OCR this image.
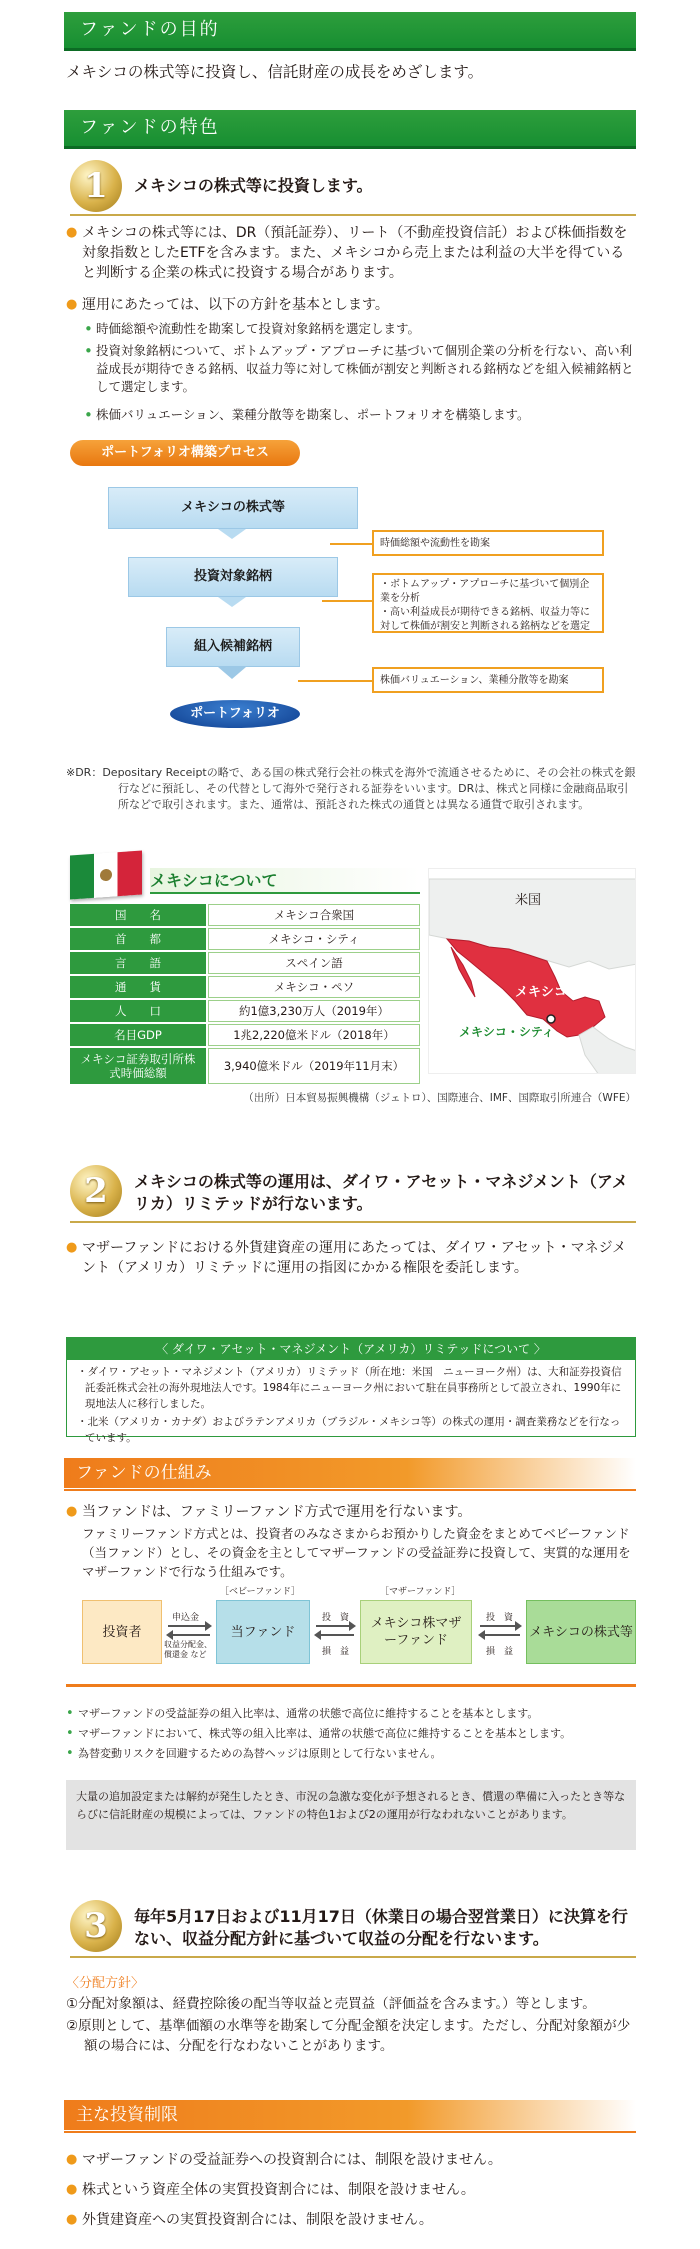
ファンドの目的
メキシコの株式等に投資し、信託財産の成長をめざします。
ファンドの特色
1	メキシコの株式等に投資します。
● メキシコの株式等には、DR（預託証券）、リート（不動産投資信託）および株価指数を対象指数としたETFを含みます。また、メキシコから売上または利益の大半を得ていると判断する企業の株式に投資する場合があります。
● 運用にあたっては、以下の方針を基本とします。
• 時価総額や流動性を勘案して投資対象銘柄を選定します。
• 投資対象銘柄について、ボトムアップ・アプローチに基づいて個別企業の分析を行ない、高い利益成長が期待できる銘柄、収益力等に対して株価が割安と判断される銘柄などを組入候補銘柄として選定します。
• 株価バリュエーション、業種分散等を勘案し、ポートフォリオを構築します。
ポートフォリオ構築プロセス
メキシコの株式等
投資対象銘柄
組入候補銘柄
ポートフォリオ
時価総額や流動性を勘案
・ボトムアップ・アプローチに基づいて個別企業を分析
・高い利益成長が期待できる銘柄、収益力等に対して株価が割安と判断される銘柄などを選定
株価バリュエーション、業種分散等を勘案
※DR：Depositary Receiptの略で、ある国の株式発行会社の株式を海外で流通させるために、その会社の株式を銀行などに預託し、その代替として海外で発行される証券をいいます。DRは、株式と同様に金融商品取引所などで取引されます。また、通常は、預託された株式の通貨とは異なる通貨で取引されます。
メキシコについて
国　　名	メキシコ合衆国
首　　都	メキシコ・シティ
言　　語	スペイン語
通　　貨	メキシコ・ペソ
人　　口	約1億3,230万人（2019年）
名目GDP	1兆2,220億米ドル（2018年）
メキシコ証券取引所株式時価総額	3,940億米ドル（2019年11月末）
米国
メキシコ
メキシコ・シティ
（出所）日本貿易振興機構（ジェトロ）、国際連合、IMF、国際取引所連合（WFE）
2	メキシコの株式等の運用は、ダイワ・アセット・マネジメント（アメリカ）リミテッドが行ないます。
● マザーファンドにおける外貨建資産の運用にあたっては、ダイワ・アセット・マネジメント（アメリカ）リミテッドに運用の指図にかかる権限を委託します。
〈 ダイワ・アセット・マネジメント（アメリカ）リミテッドについて 〉
・ダイワ・アセット・マネジメント（アメリカ）リミテッド（所在地：米国　ニューヨーク州）は、大和証券投資信託委託株式会社の海外現地法人です。1984年にニューヨーク州において駐在員事務所として設立され、1990年に現地法人に移行しました。
・北米（アメリカ・カナダ）およびラテンアメリカ（ブラジル・メキシコ等）の株式の運用・調査業務などを行なっています。
ファンドの仕組み
● 当ファンドは、ファミリーファンド方式で運用を行ないます。
ファミリーファンド方式とは、投資者のみなさまからお預かりした資金をまとめてベビーファンド（当ファンド）とし、その資金を主としてマザーファンドの受益証券に投資して、実質的な運用をマザーファンドで行なう仕組みです。
［ベビーファンド］	［マザーファンド］
投資者	当ファンド
メキシコ株マザーファンド
メキシコの株式等
申込金
収益分配金、償還金 など
投　資
損　益
投　資
損　益
• マザーファンドの受益証券の組入比率は、通常の状態で高位に維持することを基本とします。
• マザーファンドにおいて、株式等の組入比率は、通常の状態で高位に維持することを基本とします。
• 為替変動リスクを回避するための為替ヘッジは原則として行ないません。
大量の追加設定または解約が発生したとき、市況の急激な変化が予想されるとき、償還の準備に入ったとき等ならびに信託財産の規模によっては、ファンドの特色1および2の運用が行なわれないことがあります。
3	毎年5月17日および11月17日（休業日の場合翌営業日）に決算を行ない、収益分配方針に基づいて収益の分配を行ないます。
〈分配方針〉
①分配対象額は、経費控除後の配当等収益と売買益（評価益を含みます。）等とします。
②原則として、基準価額の水準等を勘案して分配金額を決定します。ただし、分配対象額が少額の場合には、分配を行なわないことがあります。
主な投資制限
● マザーファンドの受益証券への投資割合には、制限を設けません。
● 株式という資産全体の実質投資割合には、制限を設けません。
● 外貨建資産への実質投資割合には、制限を設けません。
